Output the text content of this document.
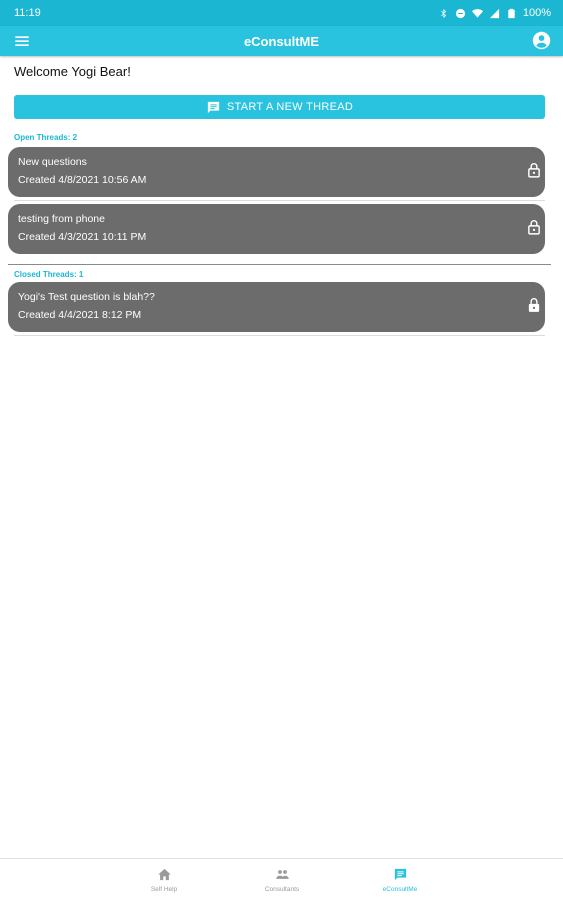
11:19	100%
eConsultME
Welcome Yogi Bear!
START A NEW THREAD
Open Threads: 2
New questions
Created 4/8/2021 10:56 AM
testing from phone
Created 4/3/2021 10:11 PM
Closed Threads: 1
Yogi's Test question is blah??
Created 4/4/2021 8:12 PM
Self Help	Consultants	eConsultMe
